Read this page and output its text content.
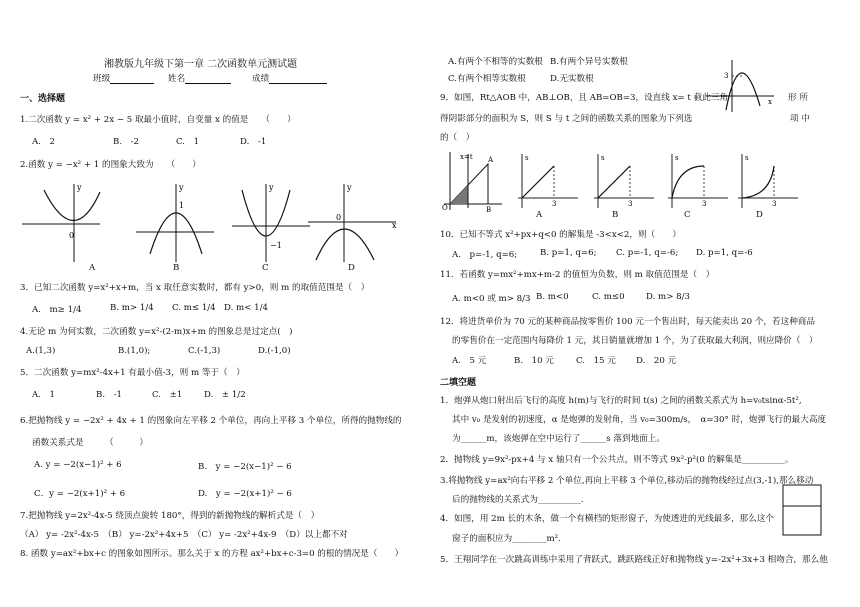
湘教版九年级下第一章 二次函数单元测试题
班级	姓名	成绩
一、选择题
1.二次函数 y = x² + 2x − 5 取最小值时，自变量 x 的值是　　（　　）
A.　2	B.　-2	C.　1	D.　-1
2.函数 y = −x² + 1 的图象大致为　　（　　）
0
y
A
1
y
B
−1
y
C
0
y
x
D
3．已知二次函数 y=x²+x+m，当 x 取任意实数时，都有 y>0，则 m 的取值范围是（　）
A.　m≥ 1/4	B. m> 1/4 C. m≤ 1/4 D. m< 1/4
4.无论 m 为何实数，二次函数 y=x²-(2-m)x+m 的图象总是过定点(　)
A.(1,3)	B.(1,0);	C.(-1,3)	D.(-1,0)
5．二次函数 y=mx²-4x+1 有最小值-3，则 m 等于（　）
A.　1	B.　-1	C.　±1	D.　± 1/2
6.把抛物线 y = −2x² + 4x + 1 的图象向左平移 2 个单位，再向上平移 3 个单位，所得的抛物线的
函数关系式是　　　（　　　）
A. y = −2(x−1)² + 6	B.　y = −2(x−1)² − 6
C．y = −2(x+1)² + 6	D.　y = −2(x+1)² − 6
7.把抛物线 y=2x²-4x-5 绕顶点旋转 180°，得到的新抛物线的解析式是（　）
（A） y= -2x²-4x-5　（B） y=-2x²+4x+5　（C） y= -2x²+4x-9　（D）以上都不对
8. 函数 y=ax²+bx+c 的图象如图所示。那么关于 x 的方程 ax²+bx+c-3=0 的根的情况是（　　）
A.有两个不相等的实数根 B.有两个异号实数根
C.有两个相等实数根	D.无实数根	3
x
9．如图，Rt△AOB 中，AB⊥OB，且 AB=OB=3，设直线 x= t 截此三角	形 所
得阴影部分的面积为 S，则 S 与 t 之间的函数关系的图象为下列选	项 中
的（　）
O	B
A
x=t	s
3
A
s
3
B
s
3
C
s
3
D
10．已知不等式 x²+px+q<0 的解集是 -3<x<2，则（　　）
A.　p=-1, q=6;	B. p=1, q=6; C. p=-1, q=-6; D. p=1, q=-6
11．若函数 y=mx²+mx+m-2 的值恒为负数，则 m 取值范围是（　）
A. m<0 或 m> 8/3 B. m<0	C. m≤0 D. m> 8/3
12．将进货单价为 70 元的某种商品按零售价 100 元一个售出时，每天能卖出 20 个，若这种商品
的零售价在一定范围内每降价 1 元，其日销量就增加 1 个，为了获取最大利润，则应降价（　）
A.　5 元	B.　10 元	C.　15 元 D.　20 元
二填空题
1．炮弹从炮口射出后飞行的高度 h(m)与飞行的时间 t(s) 之间的函数关系式为 h=v₀tsinα-5t²,
其中 v₀ 是发射的初速度，α 是炮弹的发射角，当 v₀=300m/s，　α=30° 时，炮弹飞行的最大高度
为______m，该炮弹在空中运行了______s 落到地面上。
2．抛物线 y=9x²-px+4 与 x 轴只有一个公共点，则不等式 9x²-p²(0 的解集是__________。
3.将抛物线 y=ax²向右平移 2 个单位,再向上平移 3 个单位,移动后的抛物线经过点(3,-1),那么移动
后的抛物线的关系式为__________.
4．如图，用 2m 长的木条，做一个有横档的矩形窗子，为使透进的光线最多，那么这个
窗子的面积应为________m².
5．王翔同学在一次跳高训练中采用了背跃式，跳跃路线正好和抛物线 y=-2x²+3x+3 相吻合，那么他
